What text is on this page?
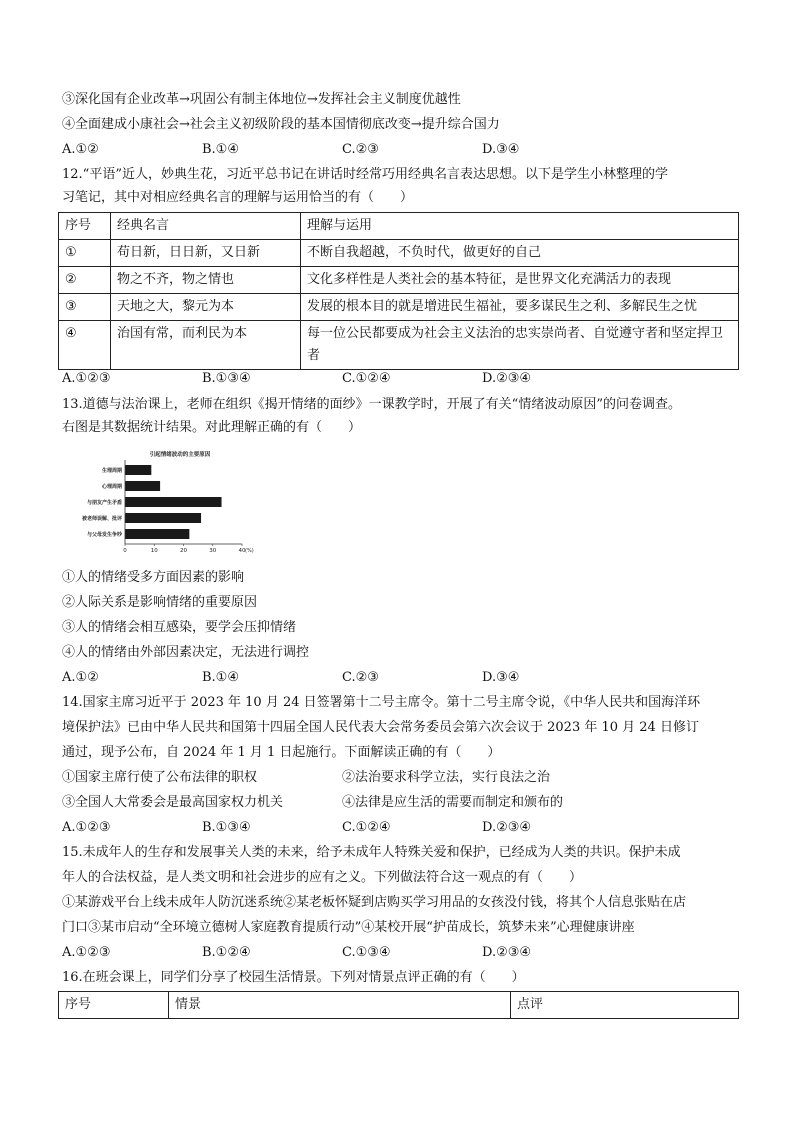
③深化国有企业改革→巩固公有制主体地位→发挥社会主义制度优越性
④全面建成小康社会→社会主义初级阶段的基本国情彻底改变→提升综合国力
A.①②	B.①④	C.②③	D.③④
12.“平语”近人，妙典生花，习近平总书记在讲话时经常巧用经典名言表达思想。以下是学生小林整理的学
习笔记，其中对相应经典名言的理解与运用恰当的有（　　）
序号	经典名言	理解与运用
①	苟日新，日日新，又日新	不断自我超越，不负时代，做更好的自己
②	物之不齐，物之情也	文化多样性是人类社会的基本特征，是世界文化充满活力的表现
③	天地之大，黎元为本	发展的根本目的就是增进民生福祉，要多谋民生之利、多解民生之忧
④	治国有常，而利民为本	每一位公民都要成为社会主义法治的忠实崇尚者、自觉遵守者和坚定捍卫者
A.①②③	B.①③④	C.①②④	D.②③④
13.道德与法治课上，老师在组织《揭开情绪的面纱》一课教学时，开展了有关“情绪波动原因”的问卷调查。
右图是其数据统计结果。对此理解正确的有（　　）
引起情绪波动的主要原因
生理周期
心理周期
与朋友产生矛盾
被老师误解、批评
与父母发生争吵
0	10	20	30	40 (%)
①人的情绪受多方面因素的影响
②人际关系是影响情绪的重要原因
③人的情绪会相互感染，要学会压抑情绪
④人的情绪由外部因素决定，无法进行调控
A.①②	B.①④	C.②③	D.③④
14.国家主席习近平于 2023 年 10 月 24 日签署第十二号主席令。第十二号主席令说，《中华人民共和国海洋环
境保护法》已由中华人民共和国第十四届全国人民代表大会常务委员会第六次会议于 2023 年 10 月 24 日修订
通过，现予公布，自 2024 年 1 月 1 日起施行。下面解读正确的有（　　）
①国家主席行使了公布法律的职权	②法治要求科学立法，实行良法之治
③全国人大常委会是最高国家权力机关	④法律是应生活的需要而制定和颁布的
A.①②③	B.①③④	C.①②④	D.②③④
15.未成年人的生存和发展事关人类的未来，给予未成年人特殊关爱和保护，已经成为人类的共识。保护未成
年人的合法权益，是人类文明和社会进步的应有之义。下列做法符合这一观点的有（　　）
①某游戏平台上线未成年人防沉迷系统②某老板怀疑到店购买学习用品的女孩没付钱，将其个人信息张贴在店
门口③某市启动“全环境立德树人家庭教育提质行动”④某校开展“护苗成长，筑梦未来”心理健康讲座
A.①②③	B.①②④	C.①③④	D.②③④
16.在班会课上，同学们分享了校园生活情景。下列对情景点评正确的有（　　）
序号	情景	点评
